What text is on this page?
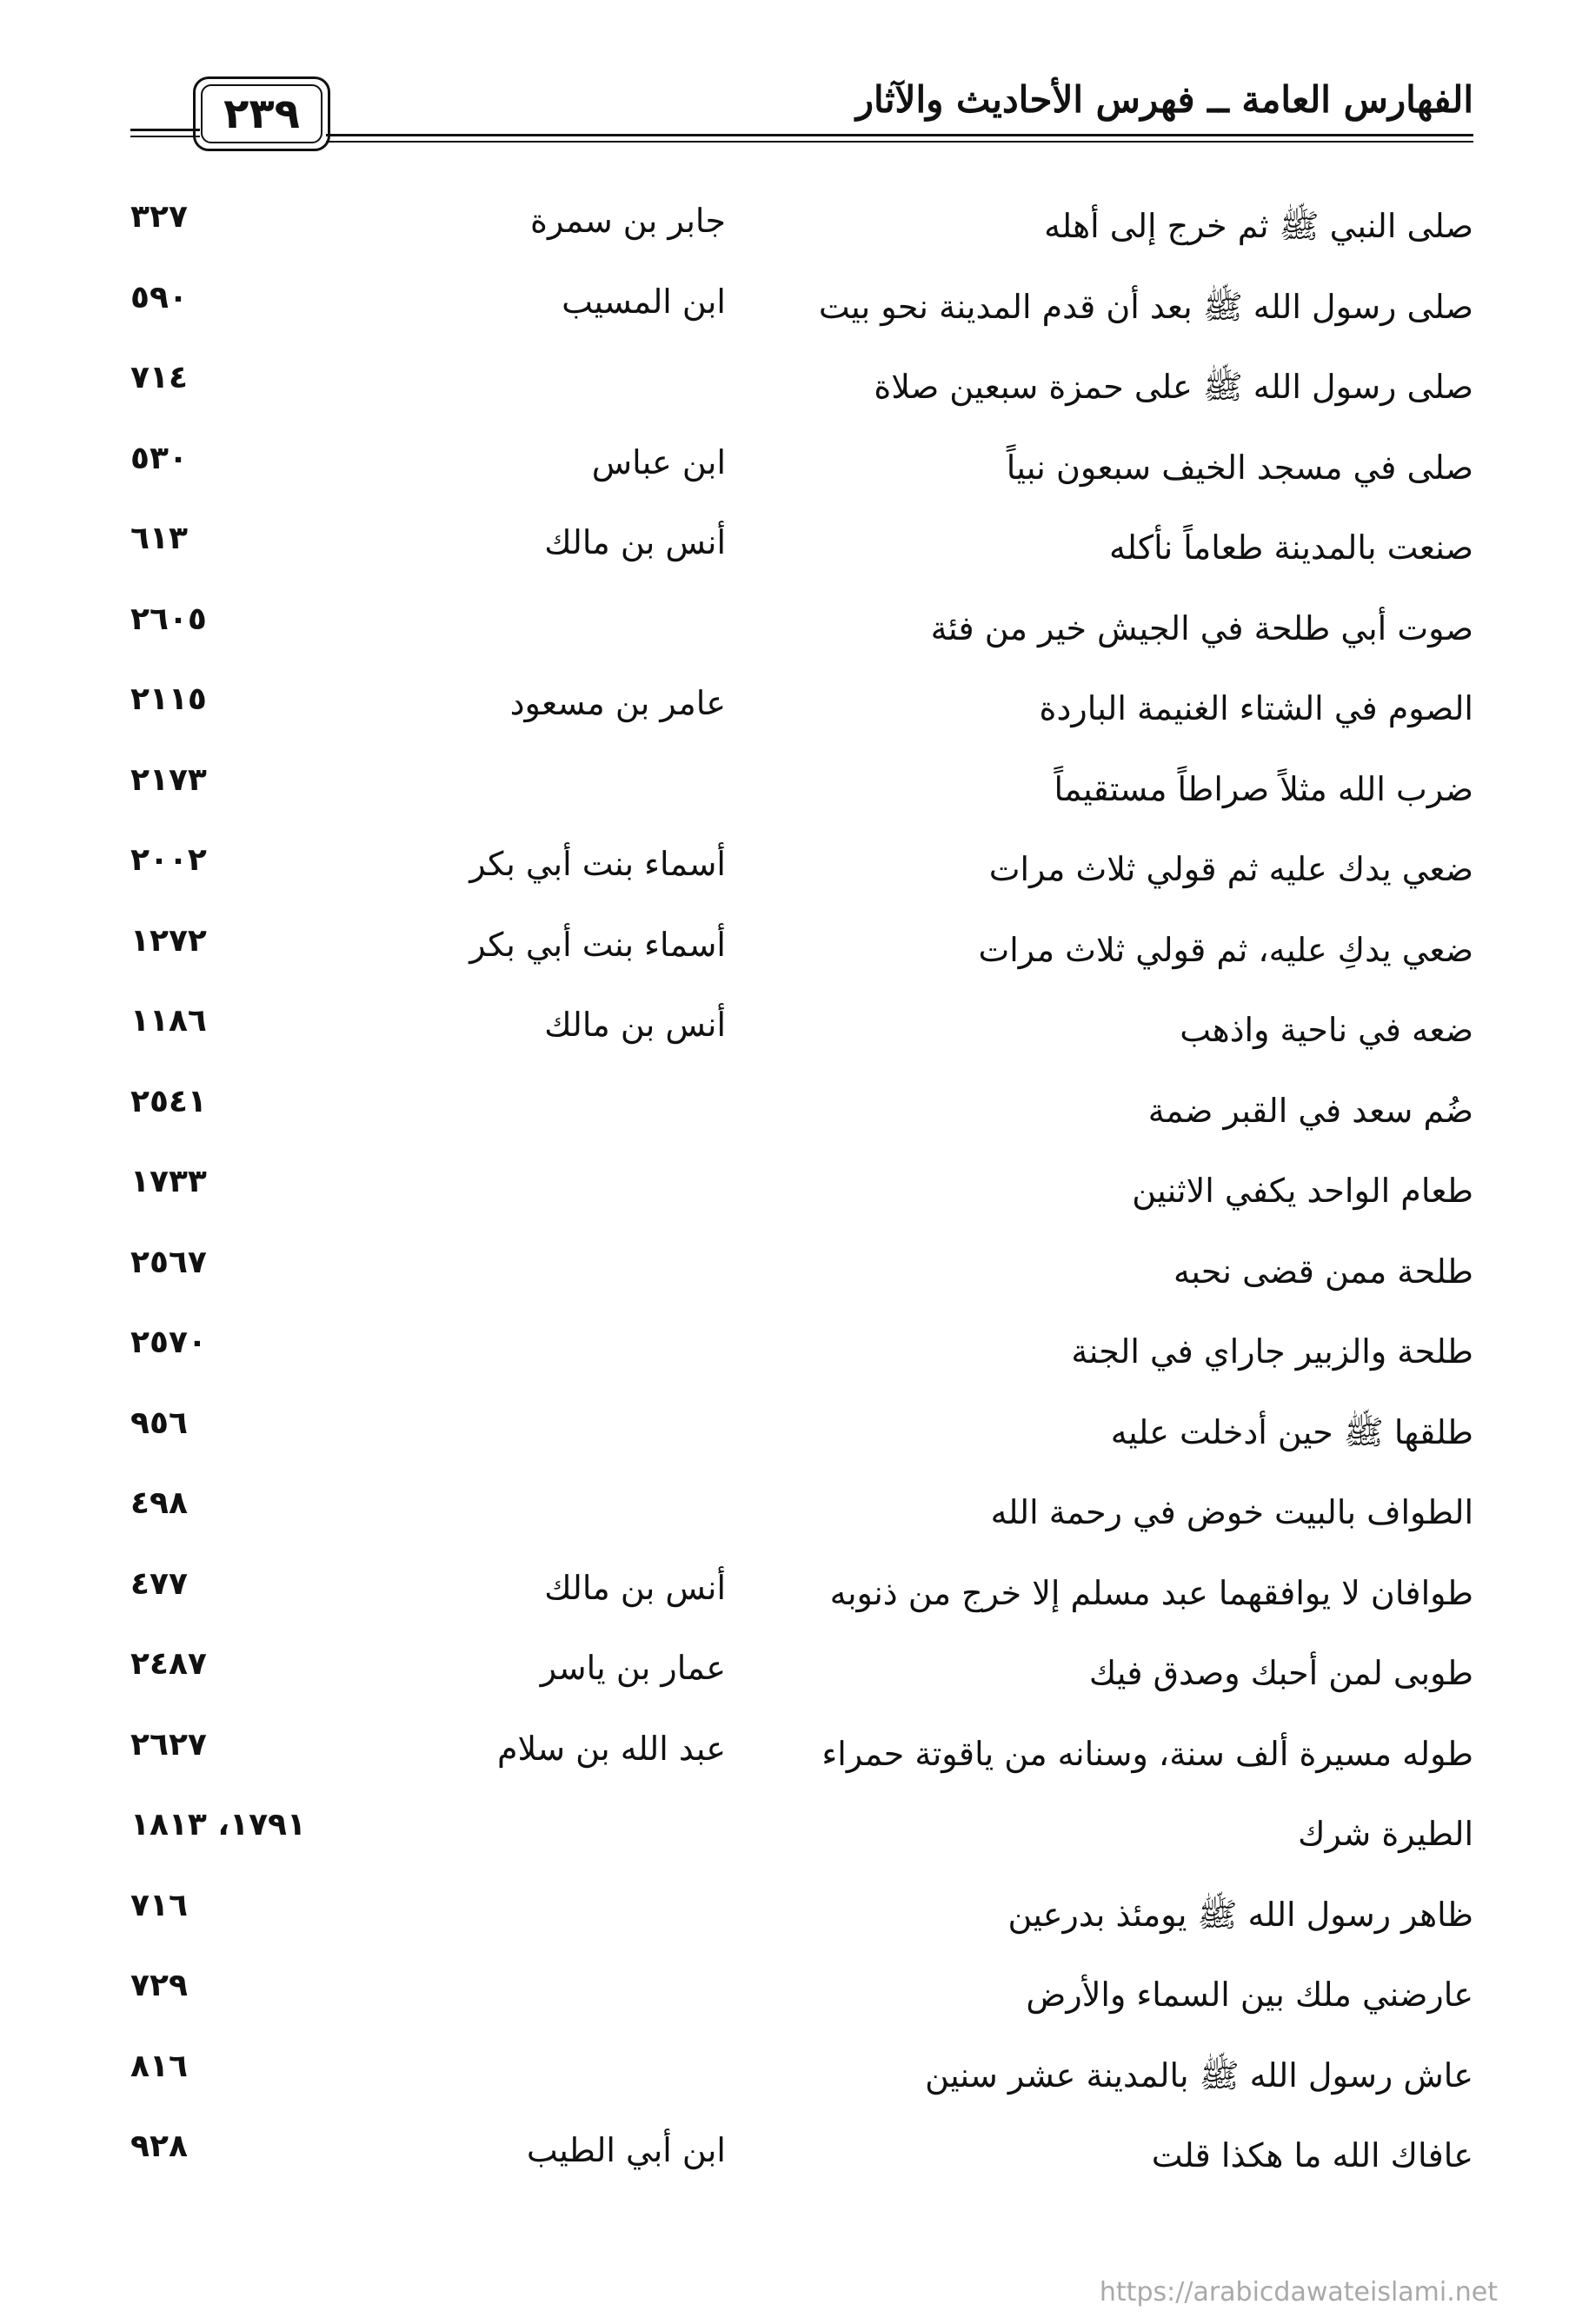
الفهارس العامة ــ فهرس الأحاديث والآثار
٢٣٩
صلى النبي ﷺ ثم خرج إلى أهله
جابر بن سمرة
٣٢٧
صلى رسول الله ﷺ بعد أن قدم المدينة نحو بيت
ابن المسيب
٥٩٠
صلى رسول الله ﷺ على حمزة سبعين صلاة
٧١٤
صلى في مسجد الخيف سبعون نبياً
ابن عباس
٥٣٠
صنعت بالمدينة طعاماً نأكله
أنس بن مالك
٦١٣
صوت أبي طلحة في الجيش خير من فئة
٢٦٠٥
الصوم في الشتاء الغنيمة الباردة
عامر بن مسعود
٢١١٥
ضرب الله مثلاً صراطاً مستقيماً
٢١٧٣
ضعي يدك عليه ثم قولي ثلاث مرات
أسماء بنت أبي بكر
٢٠٠٢
ضعي يدكِ عليه، ثم قولي ثلاث مرات
أسماء بنت أبي بكر
١٢٧٢
ضعه في ناحية واذهب
أنس بن مالك
١١٨٦
ضُم سعد في القبر ضمة
٢٥٤١
طعام الواحد يكفي الاثنين
١٧٣٣
طلحة ممن قضى نحبه
٢٥٦٧
طلحة والزبير جاراي في الجنة
٢٥٧٠
طلقها ﷺ حين أدخلت عليه
٩٥٦
الطواف بالبيت خوض في رحمة الله
٤٩٨
طوافان لا يوافقهما عبد مسلم إلا خرج من ذنوبه
أنس بن مالك
٤٧٧
طوبى لمن أحبك وصدق فيك
عمار بن ياسر
٢٤٨٧
طوله مسيرة ألف سنة، وسنانه من ياقوتة حمراء
عبد الله بن سلام
٢٦٢٧
الطيرة شرك
١٧٩١، ١٨١٣
ظاهر رسول الله ﷺ يومئذ بدرعين
٧١٦
عارضني ملك بين السماء والأرض
٧٢٩
عاش رسول الله ﷺ بالمدينة عشر سنين
٨١٦
عافاك الله ما هكذا قلت
ابن أبي الطيب
٩٢٨
https://arabicdawateislami.net
